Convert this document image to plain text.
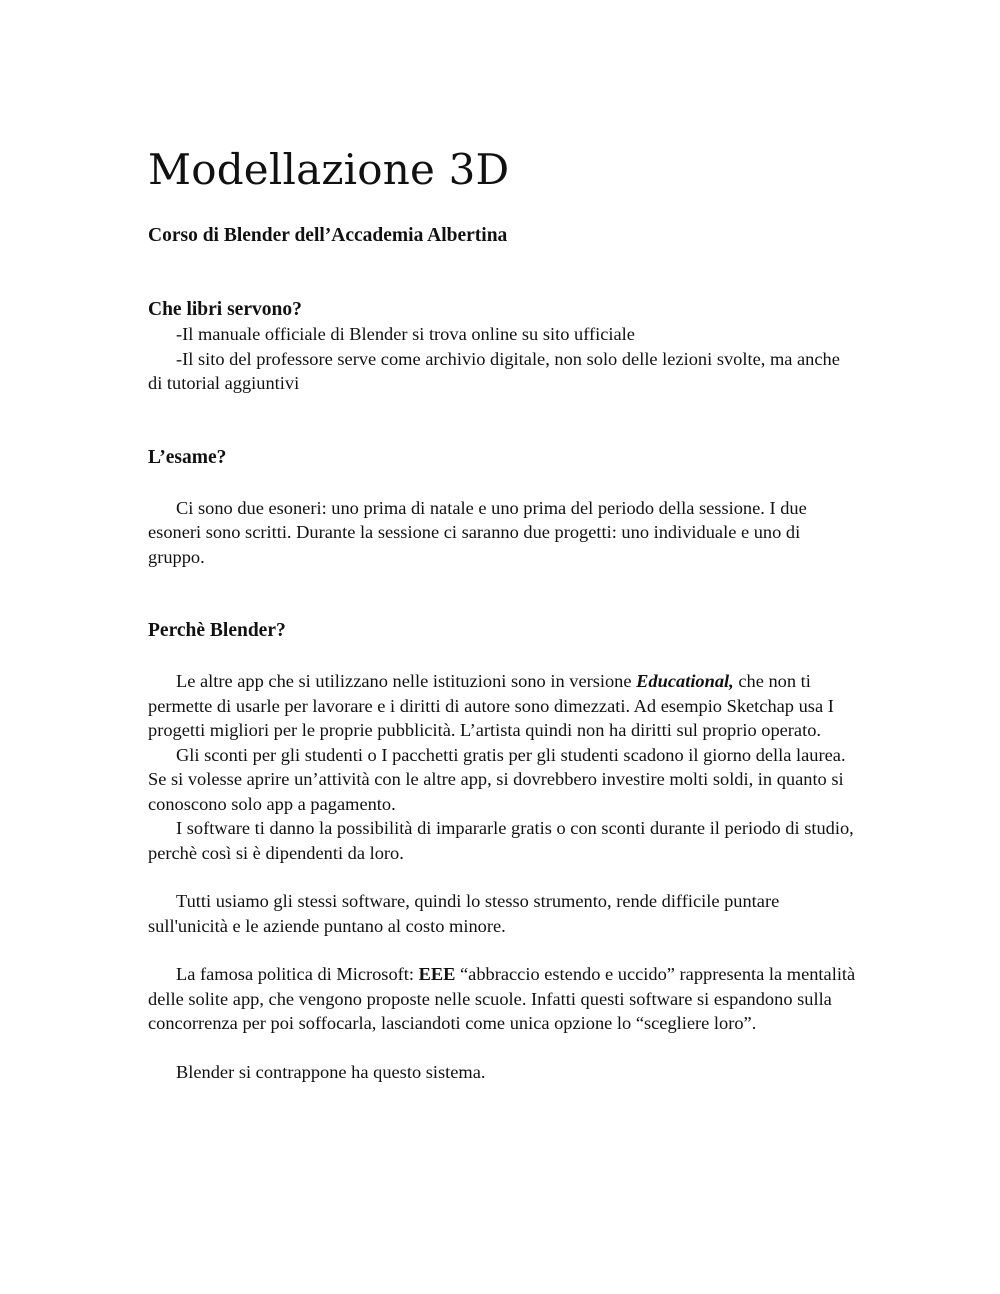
Modellazione 3D

Corso di Blender dell’Accademia Albertina

Che libri servono?

-Il manuale officiale di Blender si trova online su sito ufficiale

-Il sito del professore serve come archivio digitale, non solo delle lezioni svolte, ma anche di tutorial aggiuntivi

L’esame?

Ci sono due esoneri: uno prima di natale e uno prima del periodo della sessione. I due esoneri sono scritti. Durante la sessione ci saranno due progetti: uno individuale e uno di gruppo.

Perchè Blender?

Le altre app che si utilizzano nelle istituzioni sono in versione Educational, che non ti permette di usarle per lavorare e i diritti di autore sono dimezzati. Ad esempio Sketchap usa I progetti migliori per le proprie pubblicità. L’artista quindi non ha diritti sul proprio operato.

Gli sconti per gli studenti o I pacchetti gratis per gli studenti scadono il giorno della laurea. Se si volesse aprire un’attività con le altre app, si dovrebbero investire molti soldi, in quanto si conoscono solo app a pagamento.

I software ti danno la possibilità di impararle gratis o con sconti durante il periodo di studio, perchè così si è dipendenti da loro.

Tutti usiamo gli stessi software, quindi lo stesso strumento, rende difficile puntare sull'unicità e le aziende puntano al costo minore.

La famosa politica di Microsoft: EEE “abbraccio estendo e uccido” rappresenta la mentalità delle solite app, che vengono proposte nelle scuole. Infatti questi software si espandono sulla concorrenza per poi soffocarla, lasciandoti come unica opzione lo “scegliere loro”.

Blender si contrappone ha questo sistema.
